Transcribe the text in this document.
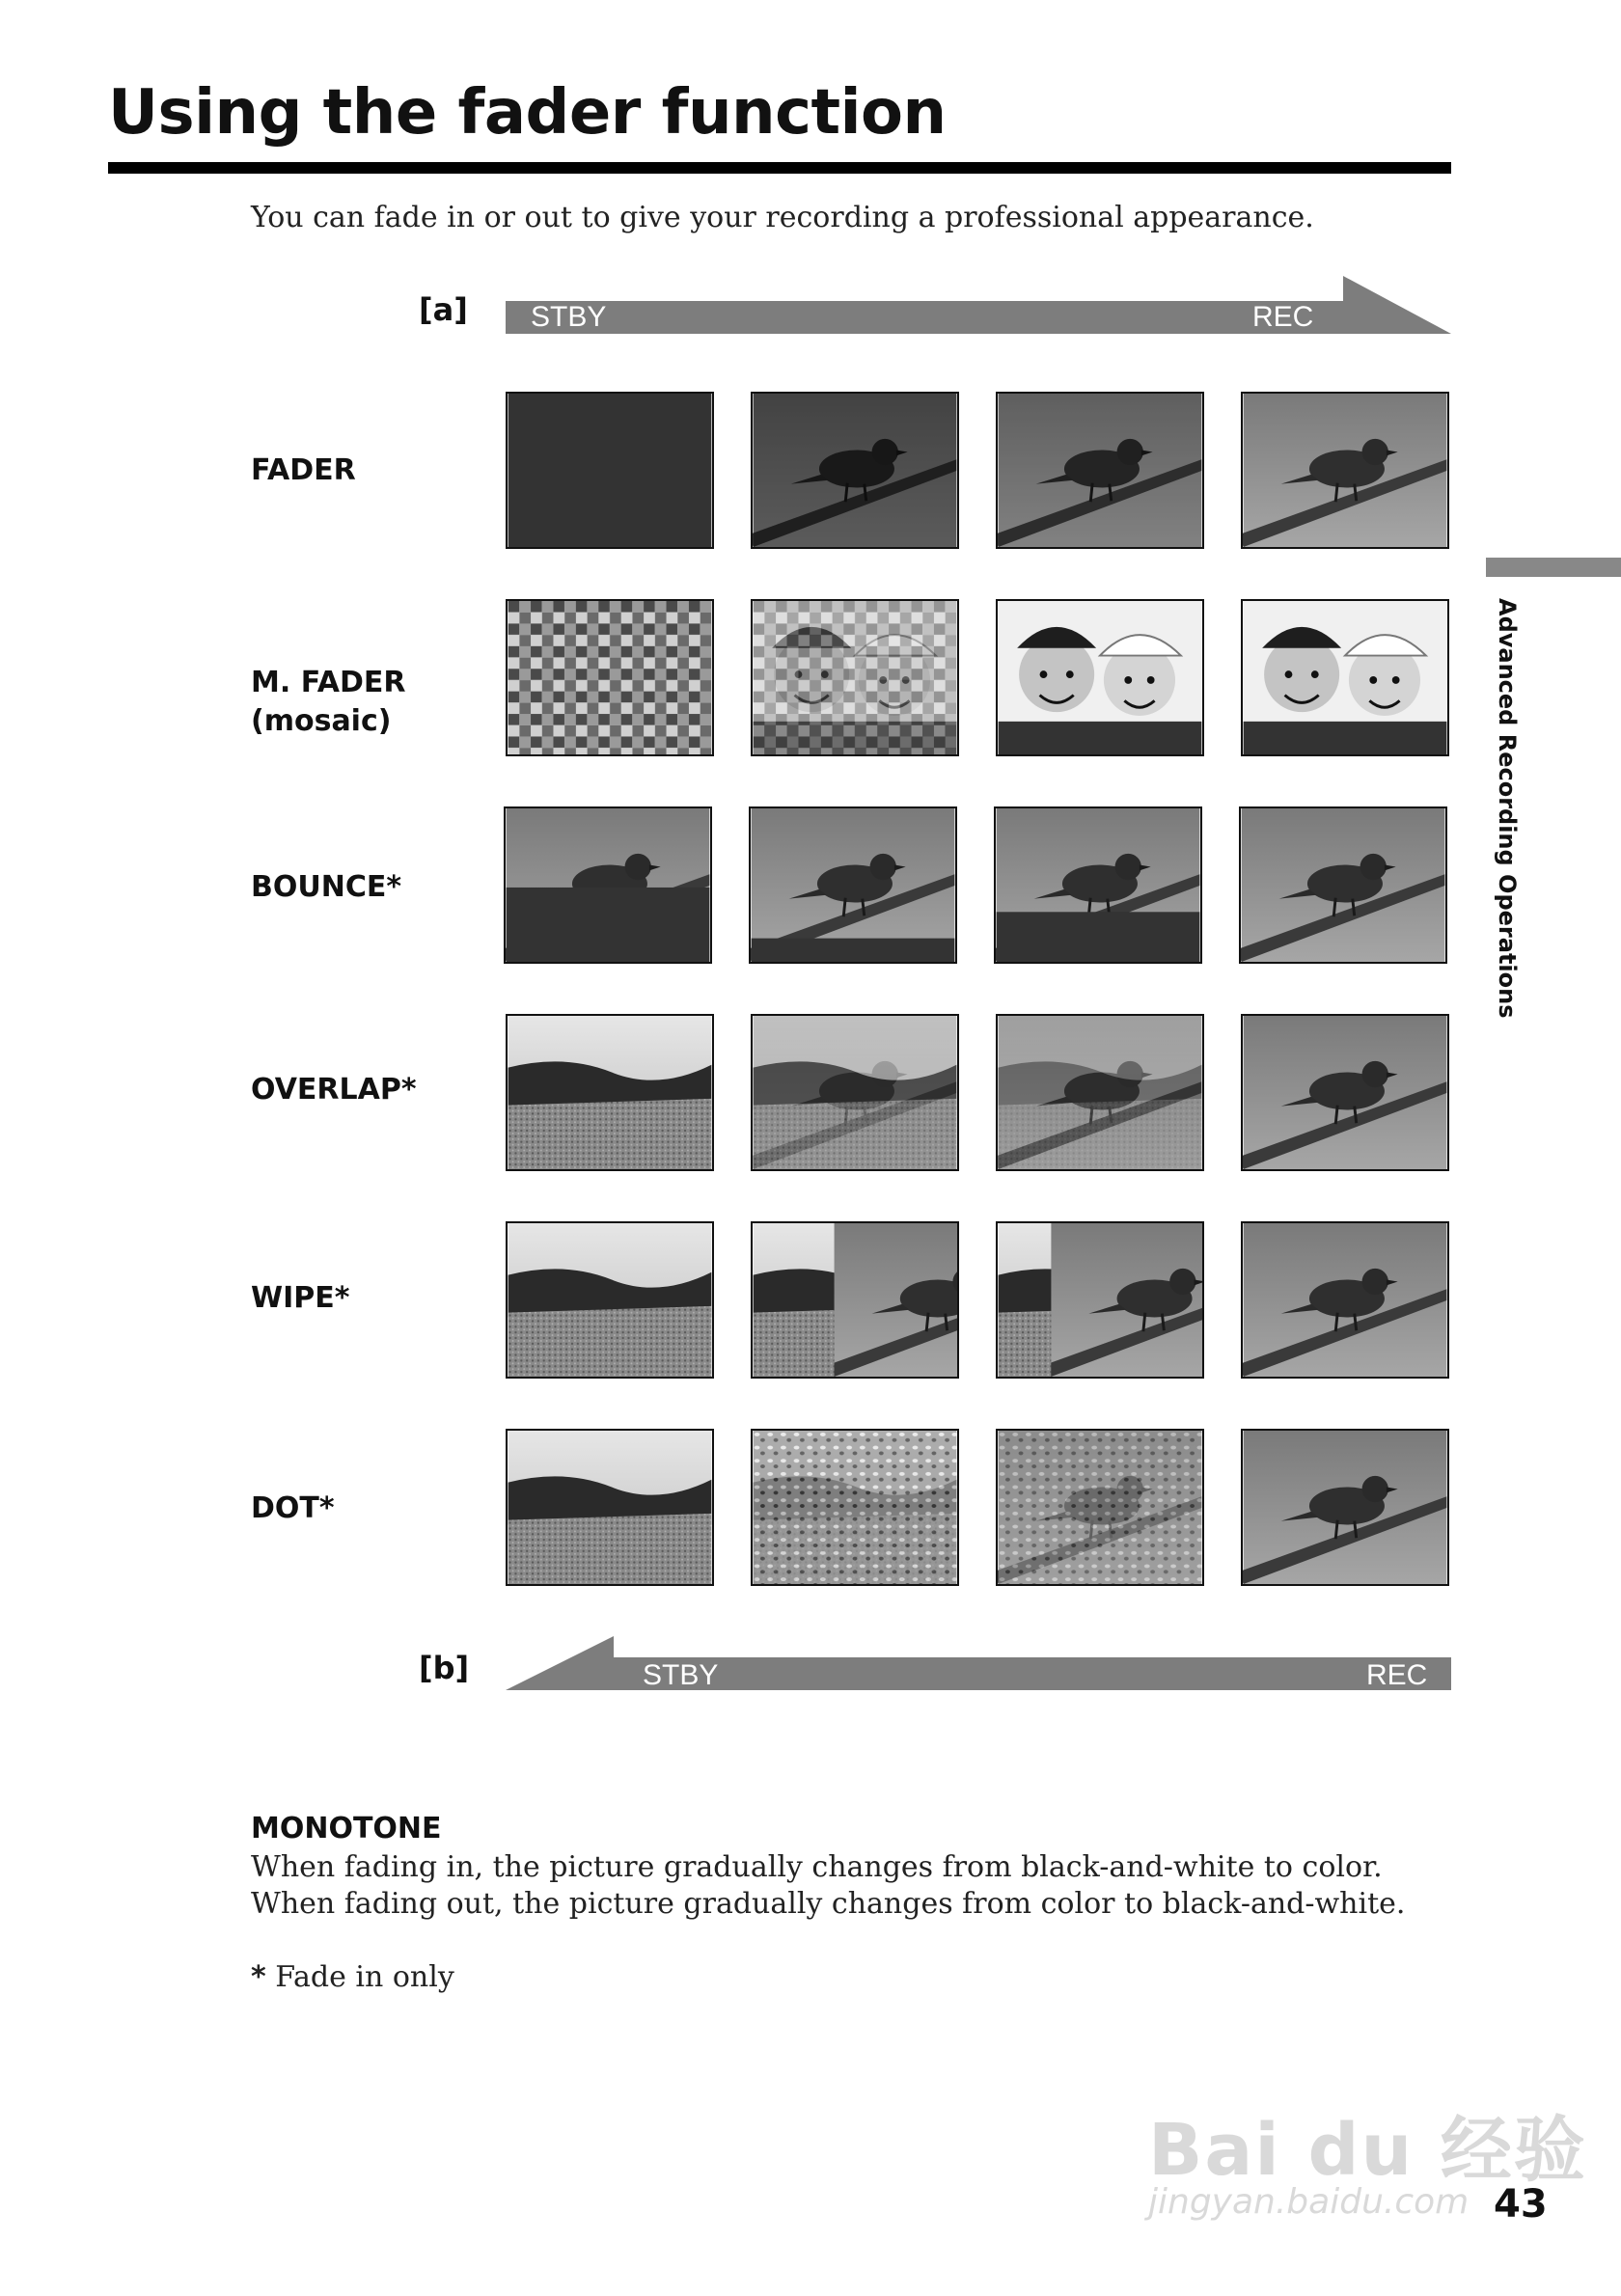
Using the fader function
You can fade in or out to give your recording a professional appearance.
[a] STBY	REC
FADER
M. FADER
(mosaic)
BOUNCE*
OVERLAP*
WIPE*
DOT*
[b]	STBY	REC
Advanced Recording Operations
MONOTONE
When fading in, the picture gradually changes from black-and-white to color.
When fading out, the picture gradually changes from color to black-and-white.
* Fade in only
Bai du 经验
jingyan.baidu.com 43
